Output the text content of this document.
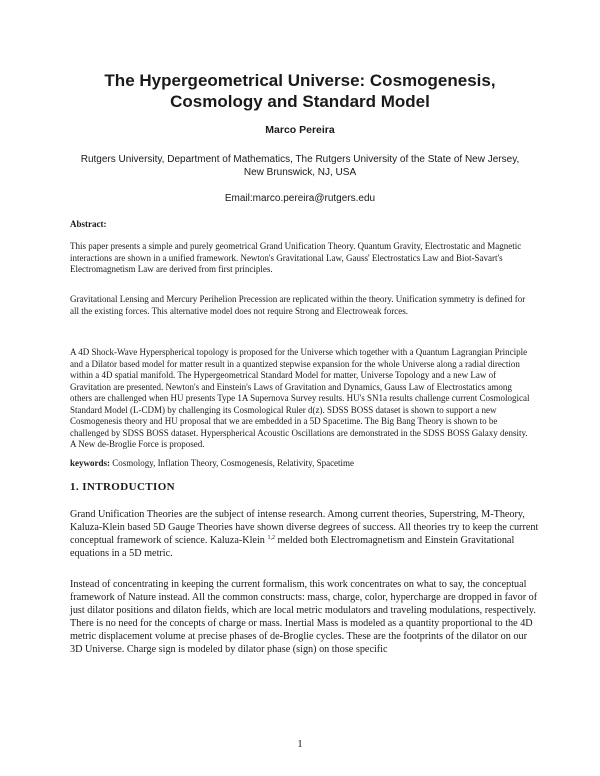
The Hypergeometrical Universe: Cosmogenesis,
Cosmology and Standard Model
Marco Pereira
Rutgers University, Department of Mathematics, The Rutgers University of the State of New Jersey, New Brunswick, NJ, USA
Email:marco.pereira@rutgers.edu
Abstract:

This paper presents a simple and purely geometrical Grand Unification Theory. Quantum Gravity, Electrostatic and Magnetic interactions are shown in a unified framework. Newton's Gravitational Law, Gauss' Electrostatics Law and Biot-Savart's Electromagnetism Law are derived from first principles.

Gravitational Lensing and Mercury Perihelion Precession are replicated within the theory. Unification symmetry is defined for all the existing forces. This alternative model does not require Strong and Electroweak forces.

A 4D Shock-Wave Hyperspherical topology is proposed for the Universe which together with a Quantum Lagrangian Principle and a Dilator based model for matter result in a quantized stepwise expansion for the whole Universe along a radial direction within a 4D spatial manifold. The Hypergeometrical Standard Model for matter, Universe Topology and a new Law of Gravitation are presented. Newton's and Einstein's Laws of Gravitation and Dynamics, Gauss Law of Electrostatics among others are challenged when HU presents Type 1A Supernova Survey results. HU's SN1a results challenge current Cosmological Standard Model (L-CDM) by challenging its Cosmological Ruler d(z). SDSS BOSS dataset is shown to support a new Cosmogenesis theory and HU proposal that we are embedded in a 5D Spacetime. The Big Bang Theory is shown to be challenged by SDSS BOSS dataset. Hyperspherical Acoustic Oscillations are demonstrated in the SDSS BOSS Galaxy density. A New de-Broglie Force is proposed.

keywords: Cosmology, Inflation Theory, Cosmogenesis, Relativity, Spacetime

1. INTRODUCTION

Grand Unification Theories are the subject of intense research. Among current theories, Superstring, M-Theory, Kaluza-Klein based 5D Gauge Theories have shown diverse degrees of success. All theories try to keep the current conceptual framework of science. Kaluza-Klein $^{1,2}$ melded both Electromagnetism and Einstein Gravitational equations in a 5D metric.

Instead of concentrating in keeping the current formalism, this work concentrates on what to say, the conceptual framework of Nature instead. All the common constructs: mass, charge, color, hypercharge are dropped in favor of just dilator positions and dilaton fields, which are local metric modulators and traveling modulations, respectively. There is no need for the concepts of charge or mass. Inertial Mass is modeled as a quantity proportional to the 4D metric displacement volume at precise phases of de-Broglie cycles. These are the footprints of the dilator on our 3D Universe. Charge sign is modeled by dilator phase (sign) on those specific

1
